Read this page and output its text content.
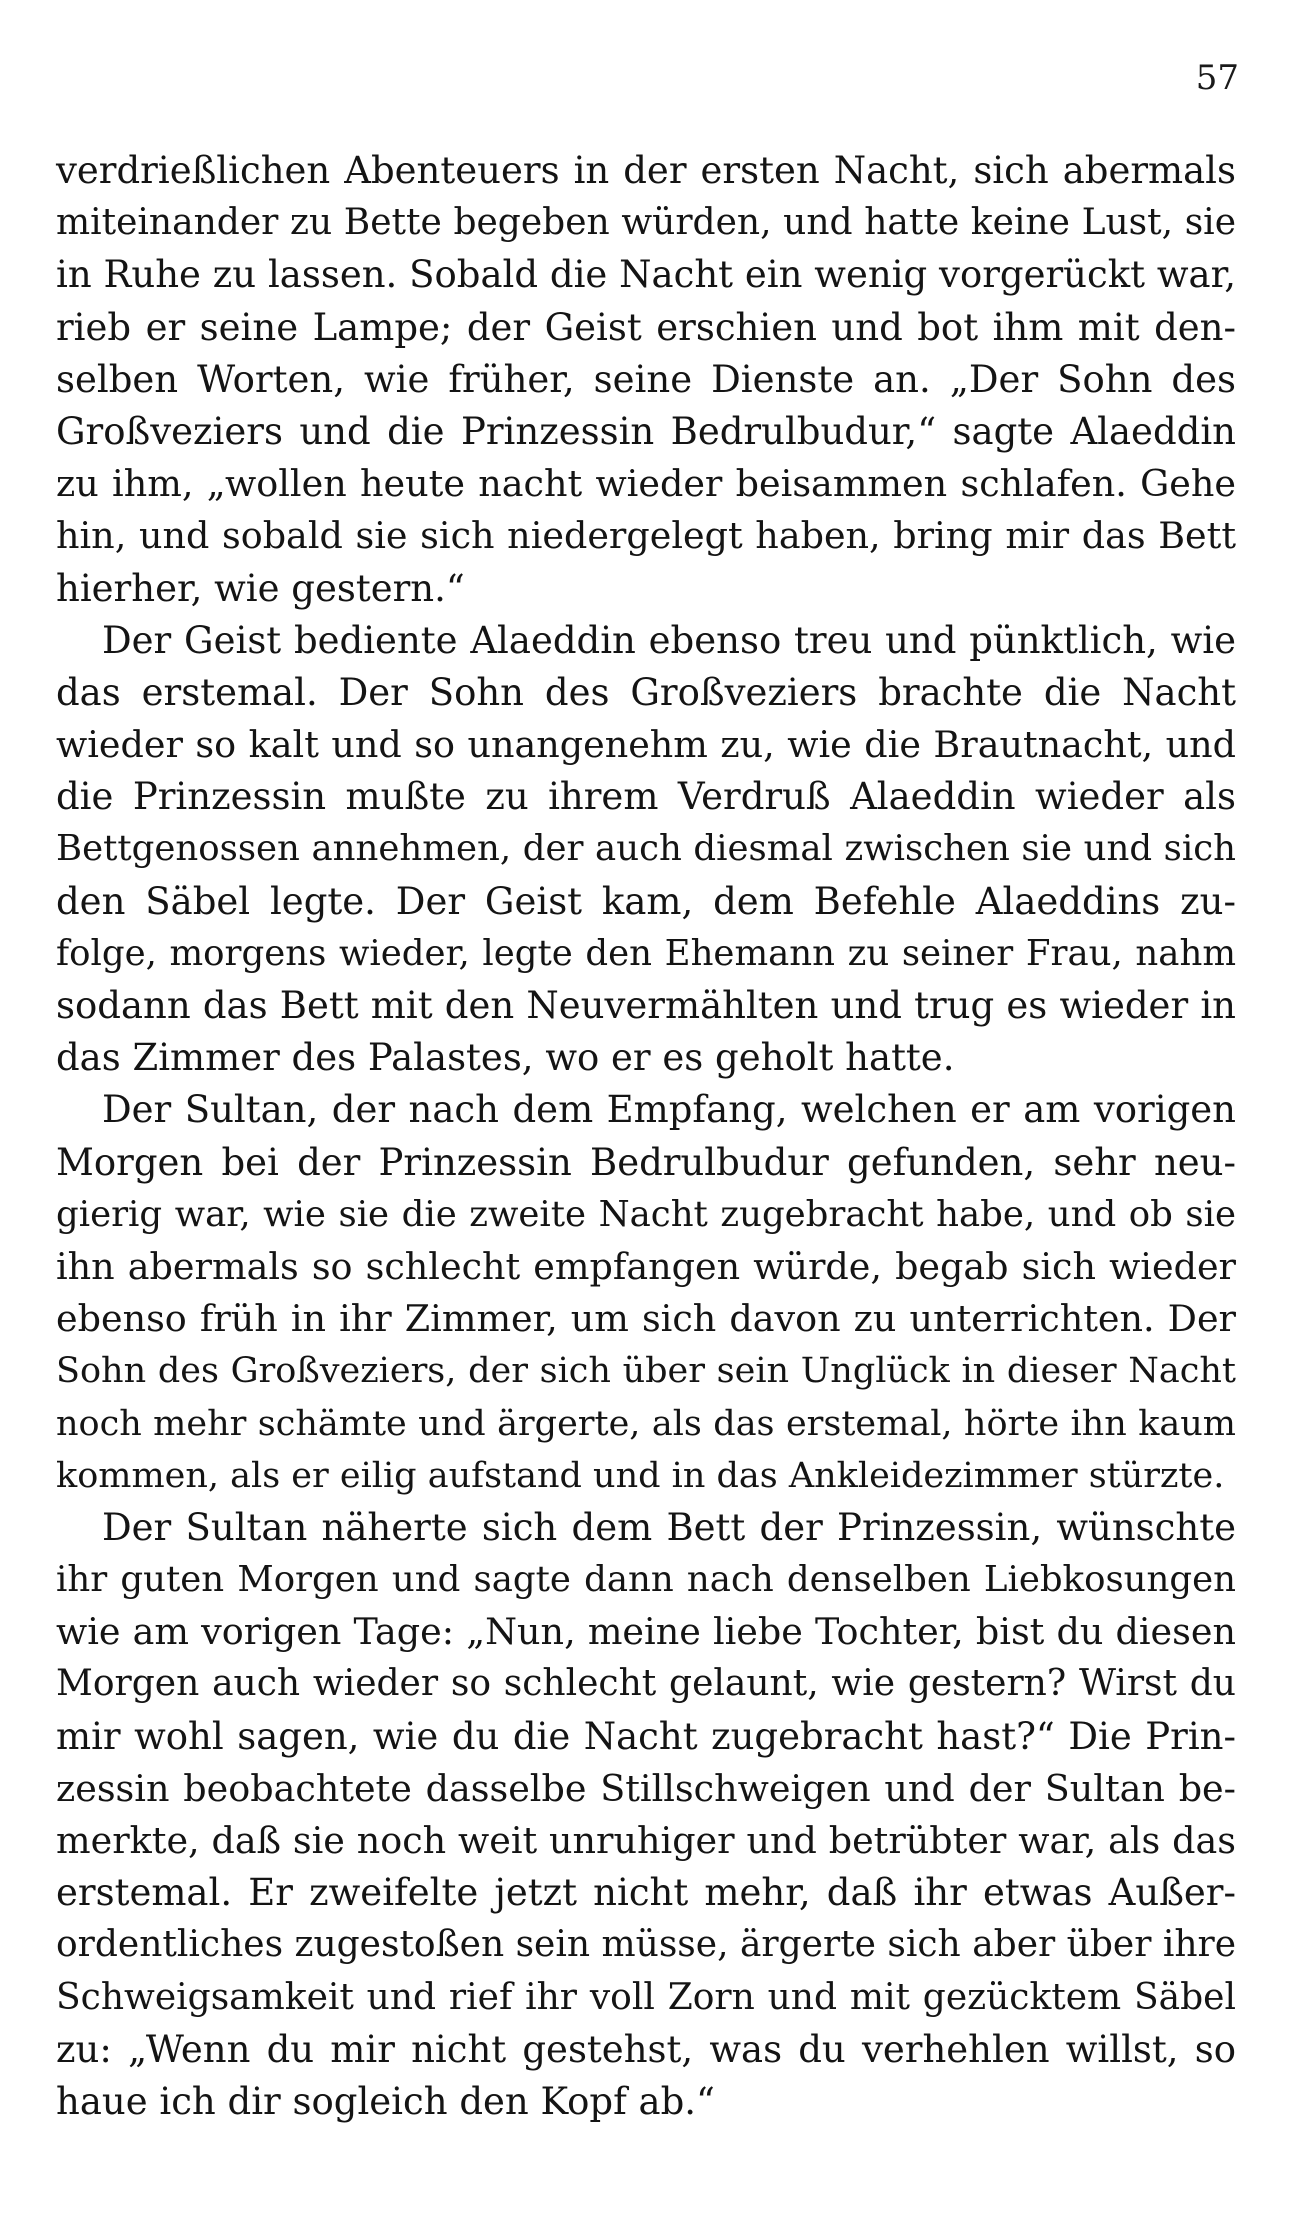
57
verdrießlichen Abenteuers in der ersten Nacht, sich abermals
miteinander zu Bette begeben würden, und hatte keine Lust, sie
in Ruhe zu lassen. Sobald die Nacht ein wenig vorgerückt war,
rieb er seine Lampe; der Geist erschien und bot ihm mit den-
selben Worten, wie früher, seine Dienste an. „Der Sohn des
Großveziers und die Prinzessin Bedrulbudur,“ sagte Alaeddin
zu ihm, „wollen heute nacht wieder beisammen schlafen. Gehe
hin, und sobald sie sich niedergelegt haben, bring mir das Bett
hierher, wie gestern.“
Der Geist bediente Alaeddin ebenso treu und pünktlich, wie
das erstemal. Der Sohn des Großveziers brachte die Nacht
wieder so kalt und so unangenehm zu, wie die Brautnacht, und
die Prinzessin mußte zu ihrem Verdruß Alaeddin wieder als
Bettgenossen annehmen, der auch diesmal zwischen sie und sich
den Säbel legte. Der Geist kam, dem Befehle Alaeddins zu-
folge, morgens wieder, legte den Ehemann zu seiner Frau, nahm
sodann das Bett mit den Neuvermählten und trug es wieder in
das Zimmer des Palastes, wo er es geholt hatte.
Der Sultan, der nach dem Empfang, welchen er am vorigen
Morgen bei der Prinzessin Bedrulbudur gefunden, sehr neu-
gierig war, wie sie die zweite Nacht zugebracht habe, und ob sie
ihn abermals so schlecht empfangen würde, begab sich wieder
ebenso früh in ihr Zimmer, um sich davon zu unterrichten. Der
Sohn des Großveziers, der sich über sein Unglück in dieser Nacht
noch mehr schämte und ärgerte, als das erstemal, hörte ihn kaum
kommen, als er eilig aufstand und in das Ankleidezimmer stürzte.
Der Sultan näherte sich dem Bett der Prinzessin, wünschte
ihr guten Morgen und sagte dann nach denselben Liebkosungen
wie am vorigen Tage: „Nun, meine liebe Tochter, bist du diesen
Morgen auch wieder so schlecht gelaunt, wie gestern? Wirst du
mir wohl sagen, wie du die Nacht zugebracht hast?“ Die Prin-
zessin beobachtete dasselbe Stillschweigen und der Sultan be-
merkte, daß sie noch weit unruhiger und betrübter war, als das
erstemal. Er zweifelte jetzt nicht mehr, daß ihr etwas Außer-
ordentliches zugestoßen sein müsse, ärgerte sich aber über ihre
Schweigsamkeit und rief ihr voll Zorn und mit gezücktem Säbel
zu: „Wenn du mir nicht gestehst, was du verhehlen willst, so
haue ich dir sogleich den Kopf ab.“
